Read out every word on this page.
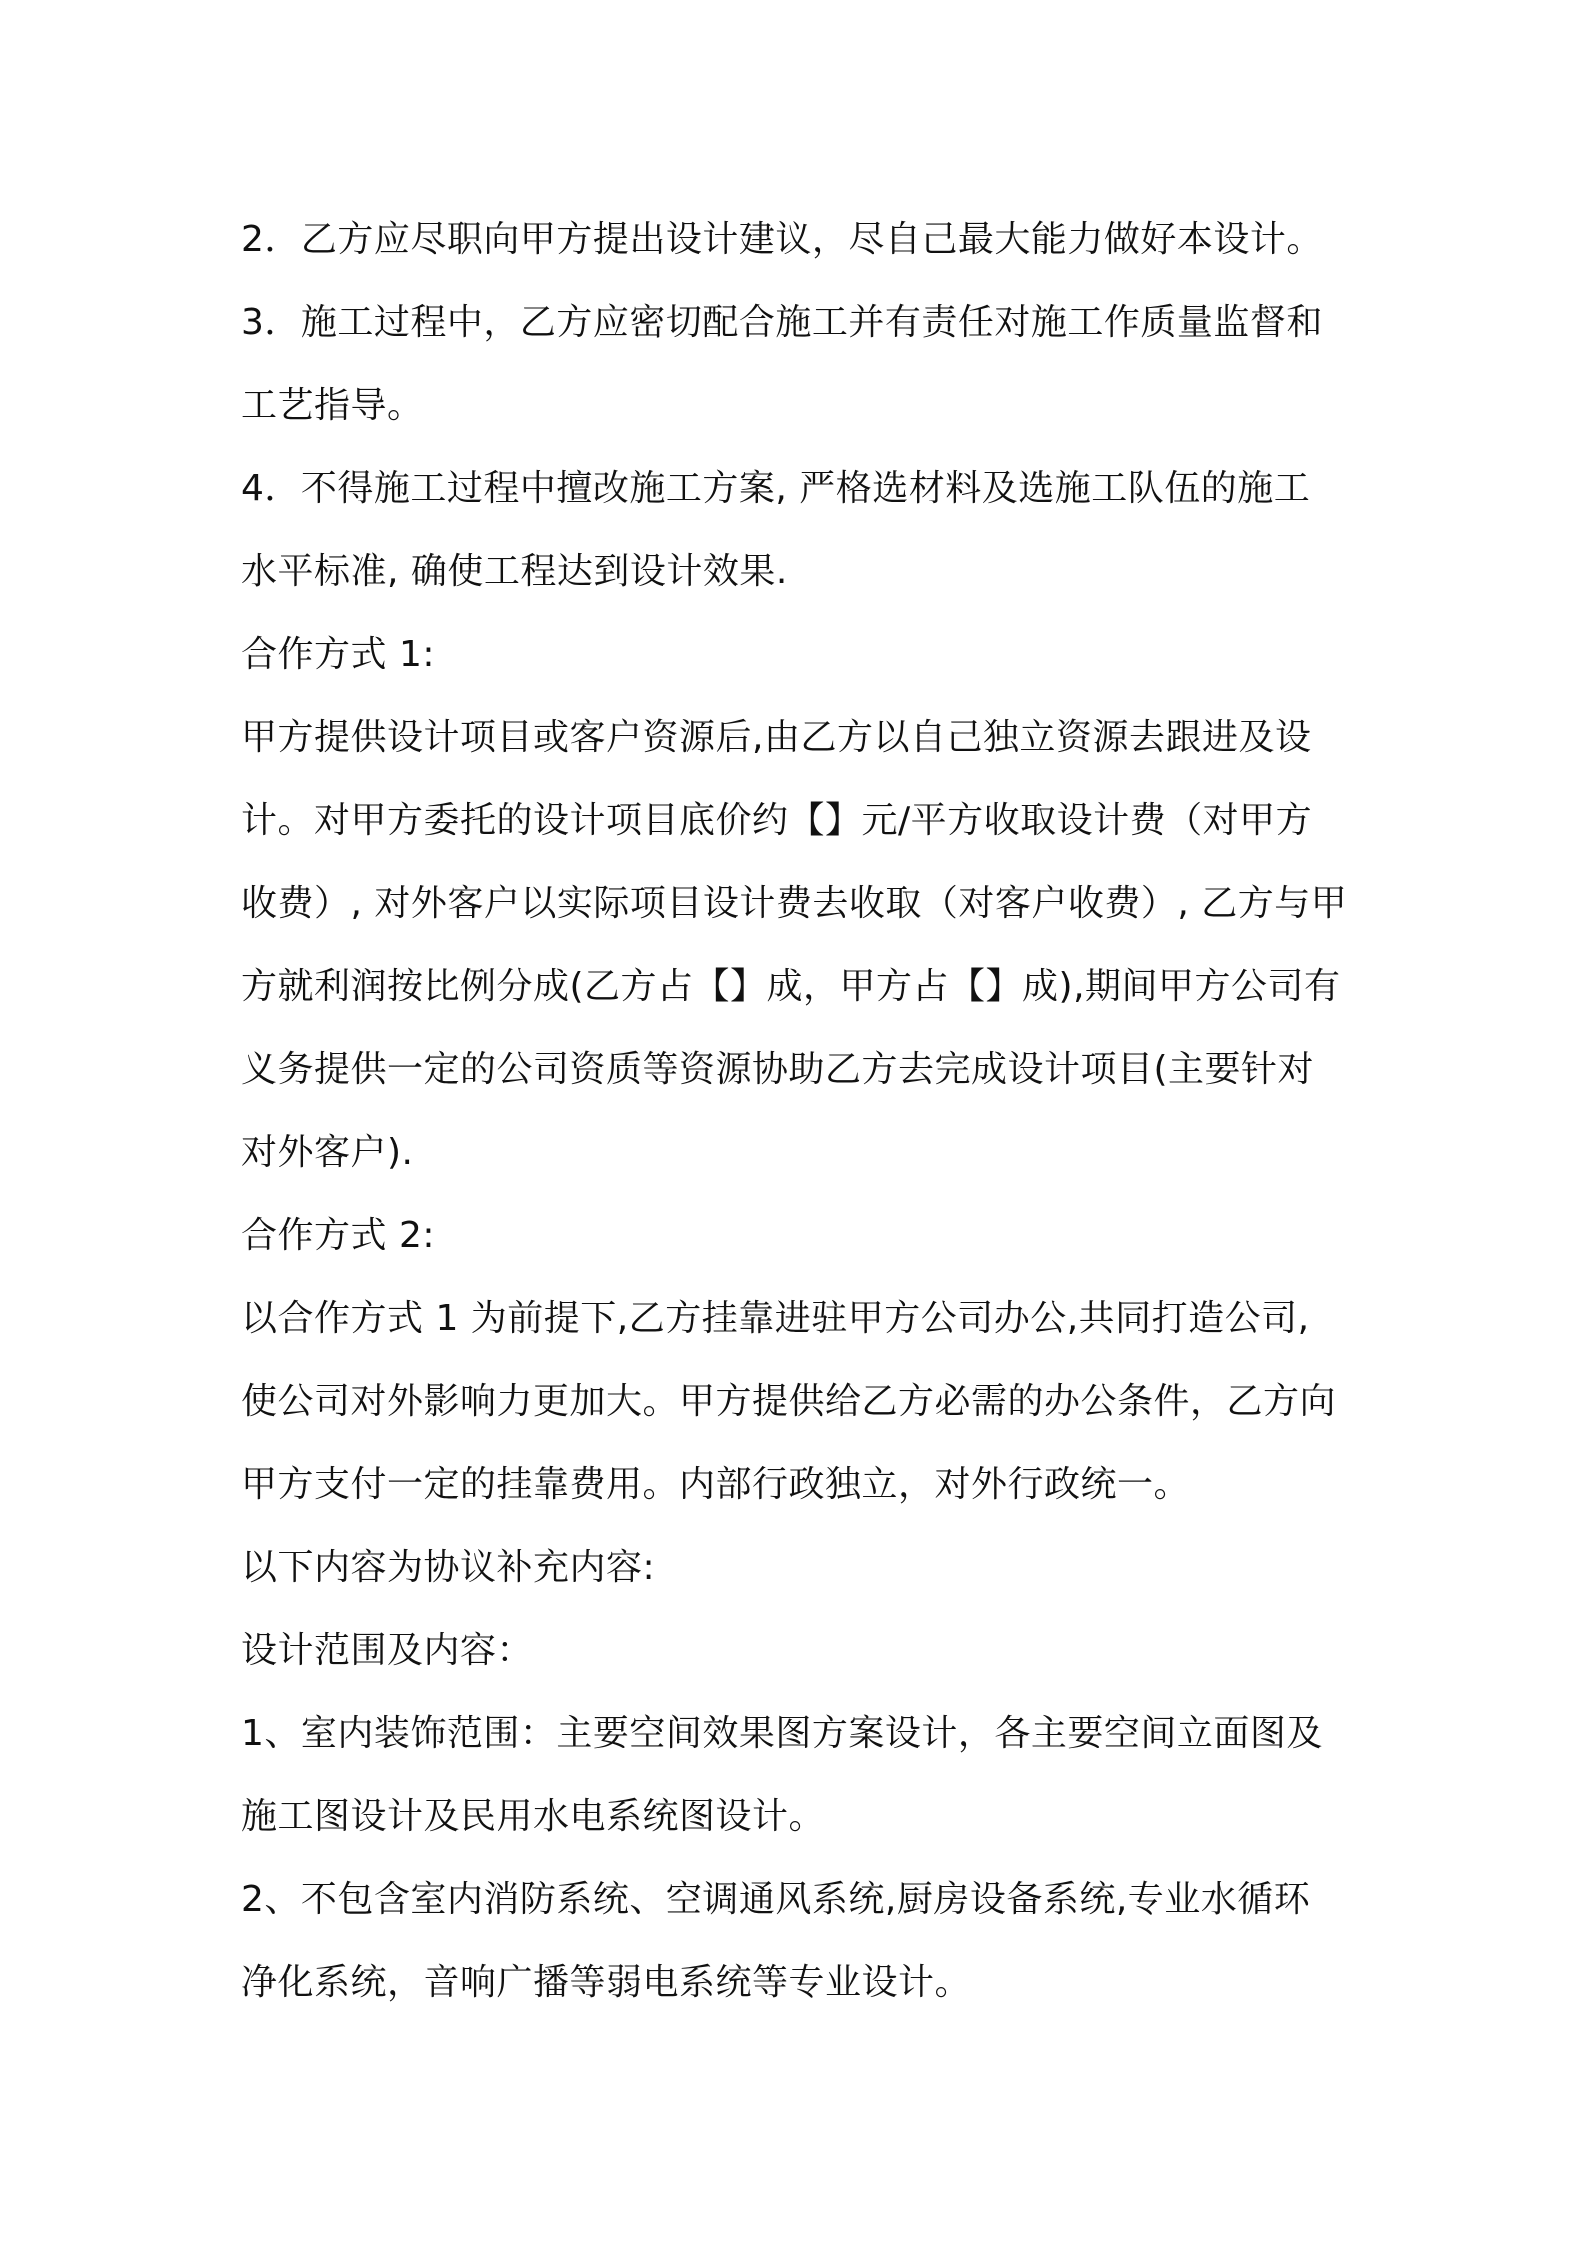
2．乙方应尽职向甲方提出设计建议，尽自己最大能力做好本设计。
3．施工过程中，乙方应密切配合施工并有责任对施工作质量监督和
工艺指导。
4．不得施工过程中擅改施工方案, 严格选材料及选施工队伍的施工
水平标准, 确使工程达到设计效果.
合作方式 1:
甲方提供设计项目或客户资源后,由乙方以自己独立资源去跟进及设
计。对甲方委托的设计项目底价约【】元/平方收取设计费（对甲方
收费）, 对外客户以实际项目设计费去收取（对客户收费）, 乙方与甲
方就利润按比例分成(乙方占【】成，甲方占【】成),期间甲方公司有
义务提供一定的公司资质等资源协助乙方去完成设计项目(主要针对
对外客户).
合作方式 2:
以合作方式 1 为前提下,乙方挂靠进驻甲方公司办公,共同打造公司,
使公司对外影响力更加大。甲方提供给乙方必需的办公条件，乙方向
甲方支付一定的挂靠费用。内部行政独立，对外行政统一。
以下内容为协议补充内容:
设计范围及内容：
1、室内装饰范围：主要空间效果图方案设计，各主要空间立面图及
施工图设计及民用水电系统图设计。
2、不包含室内消防系统、空调通风系统,厨房设备系统,专业水循环
净化系统，音响广播等弱电系统等专业设计。
